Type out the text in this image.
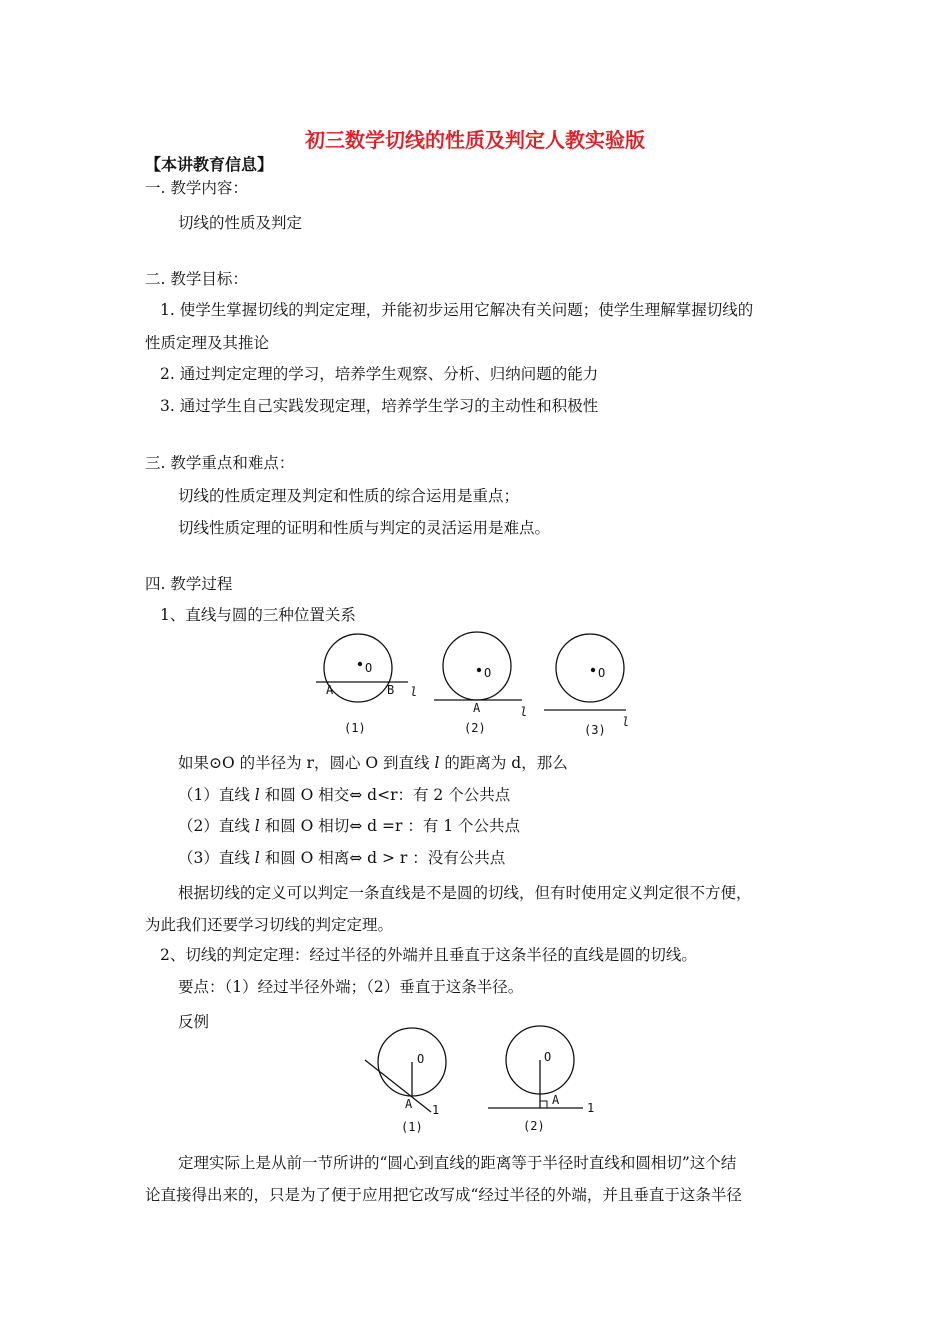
初三数学切线的性质及判定人教实验版
【本讲教育信息】
一. 教学内容：
切线的性质及判定
二. 教学目标：
1. 使学生掌握切线的判定定理，并能初步运用它解决有关问题；使学生理解掌握切线的
性质定理及其推论
2. 通过判定定理的学习，培养学生观察、分析、归纳问题的能力
3. 通过学生自己实践发现定理，培养学生学习的主动性和积极性
三. 教学重点和难点：
切线的性质定理及判定和性质的综合运用是重点；
切线性质定理的证明和性质与判定的灵活运用是难点。
四. 教学过程
1、直线与圆的三种位置关系
O
A	B l
(1)
O
A	l
(2)
O
l
(3)
如果⊙O 的半径为 r，圆心 O 到直线 l 的距离为 d，那么
（1）直线 l 和圆 O 相交⇔ d<r：有 2 个公共点
（2）直线 l 和圆 O 相切⇔ d =r ：有 1 个公共点
（3）直线 l 和圆 O 相离⇔ d > r ：没有公共点
根据切线的定义可以判定一条直线是不是圆的切线，但有时使用定义判定很不方便，
为此我们还要学习切线的判定定理。
2、切线的判定定理：经过半径的外端并且垂直于这条半径的直线是圆的切线。
要点：（1）经过半径外端；（2）垂直于这条半径。
反例
O
A 1
(1)
O
A
1
(2)
定理实际上是从前一节所讲的“圆心到直线的距离等于半径时直线和圆相切”这个结
论直接得出来的，只是为了便于应用把它改写成“经过半径的外端，并且垂直于这条半径
